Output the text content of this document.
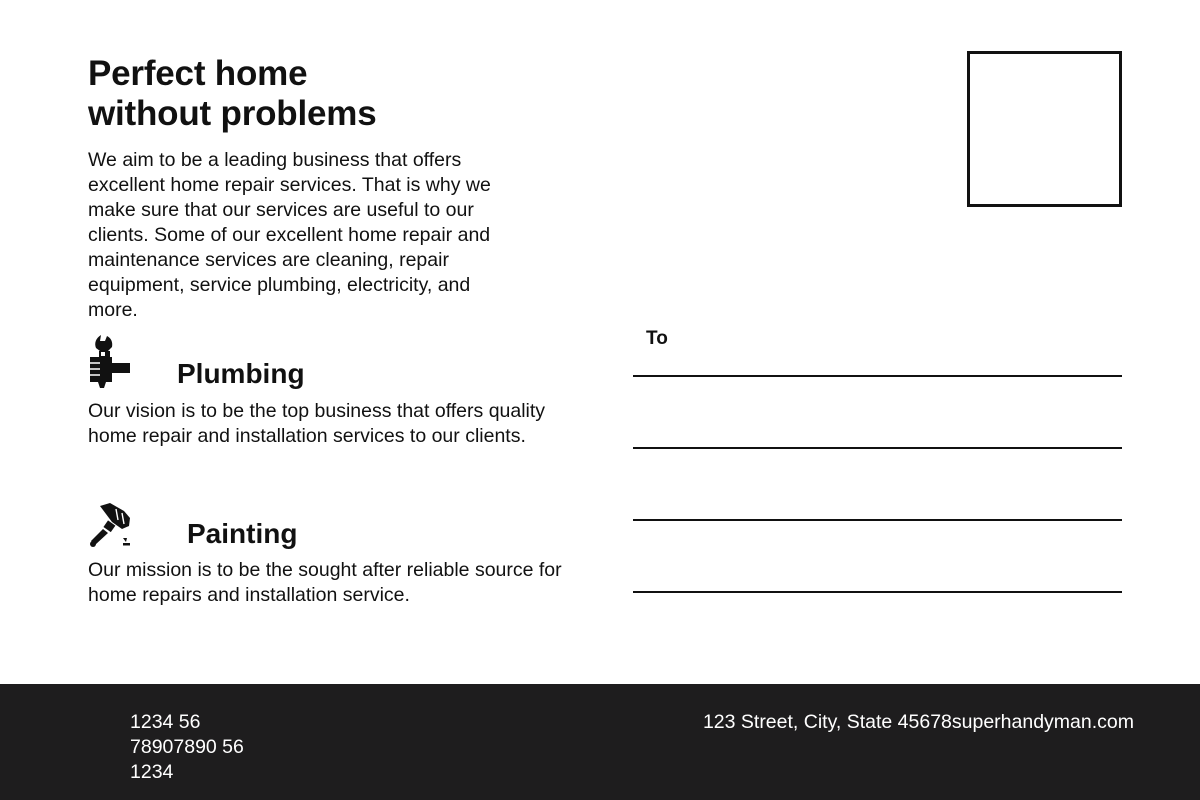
Perfect home
without problems

We aim to be a leading business that offers excellent home repair services. That is why we make sure that our services are useful to our clients. Some of our excellent home repair and maintenance services are cleaning, repair equipment, service plumbing, electricity, and more.

Plumbing

Our vision is to be the top business that offers quality home repair and installation services to our clients.

Painting

Our mission is to be the sought after reliable source for home repairs and installation service.

To

1234 56 78907890 56 1234

123 Street, City, State 45678superhandyman.com
